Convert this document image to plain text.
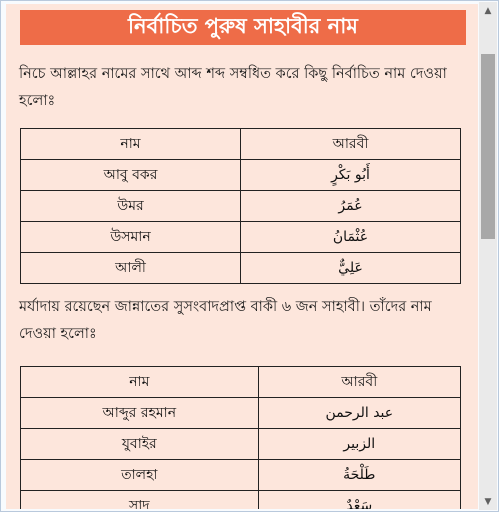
নির্বাচিত পুরুষ সাহাবীর নাম
নিচে আল্লাহর নামের সাথে আব্দ শব্দ সম্বধিত করে কিছু নির্বাচিত নাম দেওয়া হলোঃ
নাম	আরবী
আবু বকর	أَبُو بَكْرٍ
উমর	عُمَرُ
উসমান	عُثْمَانُ
আলী	عَلِيٌّ
মর্যাদায় রয়েছেন জান্নাতের সুসংবাদপ্রাপ্ত বাকী ৬ জন সাহাবী। তাঁদের নাম দেওয়া হলোঃ
নাম	আরবী
আব্দুর রহমান	عبد الرحمن
যুবাইর	الزبير
তালহা	طَلْحَةُ
সাদ	سَعْدٌ
▲
▼
